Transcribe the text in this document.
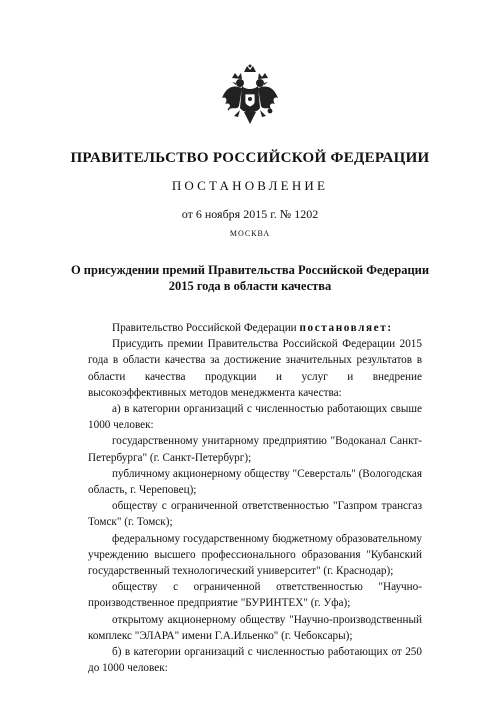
ПРАВИТЕЛЬСТВО РОССИЙСКОЙ ФЕДЕРАЦИИ
ПОСТАНОВЛЕНИЕ
от 6 ноября 2015 г. № 1202
МОСКВА
О присуждении премий Правительства Российской Федерации
2015 года в области качества

Правительство Российской Федерации постановляет:

Присудить премии Правительства Российской Федерации 2015 года в области качества за достижение значительных результатов в области качества продукции и услуг и внедрение высокоэффективных методов менеджмента качества:

а) в категории организаций с численностью работающих свыше 1000 человек:

государственному унитарному предприятию "Водоканал Санкт-Петербурга" (г. Санкт-Петербург);

публичному акционерному обществу "Северсталь" (Вологодская область, г. Череповец);

обществу с ограниченной ответственностью "Газпром трансгаз Томск" (г. Томск);

федеральному государственному бюджетному образовательному учреждению высшего профессионального образования "Кубанский государственный технологический университет" (г. Краснодар);

обществу с ограниченной ответственностью "Научно-производственное предприятие "БУРИНТЕХ" (г. Уфа);

открытому акционерному обществу "Научно-производственный комплекс "ЭЛАРА" имени Г.А.Ильенко" (г. Чебоксары);

б) в категории организаций с численностью работающих от 250 до 1000 человек:
